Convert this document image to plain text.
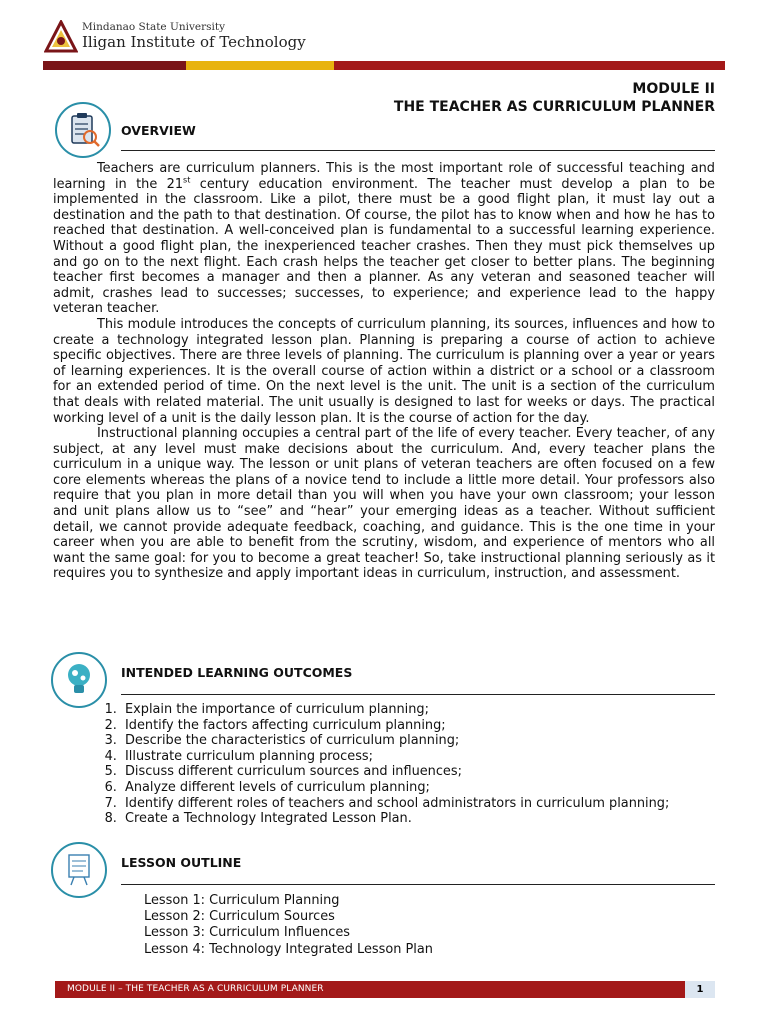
Mindanao State University
Iligan Institute of Technology
MODULE II
THE TEACHER AS CURRICULUM PLANNER
OVERVIEW

Teachers are curriculum planners. This is the most important role of successful teaching and learning in the 21st century education environment. The teacher must develop a plan to be implemented in the classroom. Like a pilot, there must be a good flight plan, it must lay out a destination and the path to that destination. Of course, the pilot has to know when and how he has to reached that destination. A well-conceived plan is fundamental to a successful learning experience. Without a good flight plan, the inexperienced teacher crashes. Then they must pick themselves up and go on to the next flight. Each crash helps the teacher get closer to better plans. The beginning teacher first becomes a manager and then a planner. As any veteran and seasoned teacher will admit, crashes lead to successes; successes, to experience; and experience lead to the happy veteran teacher.

This module introduces the concepts of curriculum planning, its sources, influences and how to create a technology integrated lesson plan. Planning is preparing a course of action to achieve specific objectives. There are three levels of planning. The curriculum is planning over a year or years of learning experiences. It is the overall course of action within a district or a school or a classroom for an extended period of time. On the next level is the unit. The unit is a section of the curriculum that deals with related material. The unit usually is designed to last for weeks or days. The practical working level of a unit is the daily lesson plan. It is the course of action for the day.

Instructional planning occupies a central part of the life of every teacher. Every teacher, of any subject, at any level must make decisions about the curriculum. And, every teacher plans the curriculum in a unique way. The lesson or unit plans of veteran teachers are often focused on a few core elements whereas the plans of a novice tend to include a little more detail. Your professors also require that you plan in more detail than you will when you have your own classroom; your lesson and unit plans allow us to “see” and “hear” your emerging ideas as a teacher. Without sufficient detail, we cannot provide adequate feedback, coaching, and guidance. This is the one time in your career when you are able to benefit from the scrutiny, wisdom, and experience of mentors who all want the same goal: for you to become a great teacher! So, take instructional planning seriously as it requires you to synthesize and apply important ideas in curriculum, instruction, and assessment.

INTENDED LEARNING OUTCOMES
1. Explain the importance of curriculum planning;
2. Identify the factors affecting curriculum planning;
3. Describe the characteristics of curriculum planning;
4. Illustrate curriculum planning process;
5. Discuss different curriculum sources and influences;
6. Analyze different levels of curriculum planning;
7. Identify different roles of teachers and school administrators in curriculum planning;
8. Create a Technology Integrated Lesson Plan.
LESSON OUTLINE
Lesson 1: Curriculum Planning
Lesson 2: Curriculum Sources
Lesson 3: Curriculum Influences
Lesson 4: Technology Integrated Lesson Plan
MODULE II – THE TEACHER AS A CURRICULUM PLANNER	1
